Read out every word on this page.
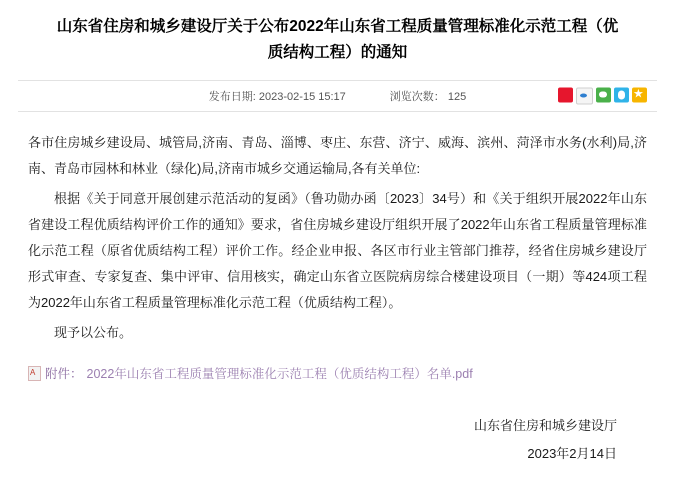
山东省住房和城乡建设厅关于公布2022年山东省工程质量管理标准化示范工程（优质结构工程）的通知
发布日期: 2023-02-15 15:17	浏览次数： 125
★

各市住房城乡建设局、城管局,济南、青岛、淄博、枣庄、东营、济宁、威海、滨州、菏泽市水务(水利)局,济南、青岛市园林和林业（绿化)局,济南市城乡交通运输局,各有关单位:

根据《关于同意开展创建示范活动的复函》（鲁功勋办函〔2023〕34号）和《关于组织开展2022年山东省建设工程优质结构评价工作的通知》要求，省住房城乡建设厅组织开展了2022年山东省工程质量管理标准化示范工程（原省优质结构工程）评价工作。经企业申报、各区市行业主管部门推荐，经省住房城乡建设厅形式审查、专家复查、集中评审、信用核实，确定山东省立医院病房综合楼建设项目（一期）等424项工程为2022年山东省工程质量管理标准化示范工程（优质结构工程）。

现予以公布。

A
附件： 2022年山东省工程质量管理标准化示范工程（优质结构工程）名单.pdf
山东省住房和城乡建设厅
2023年2月14日
